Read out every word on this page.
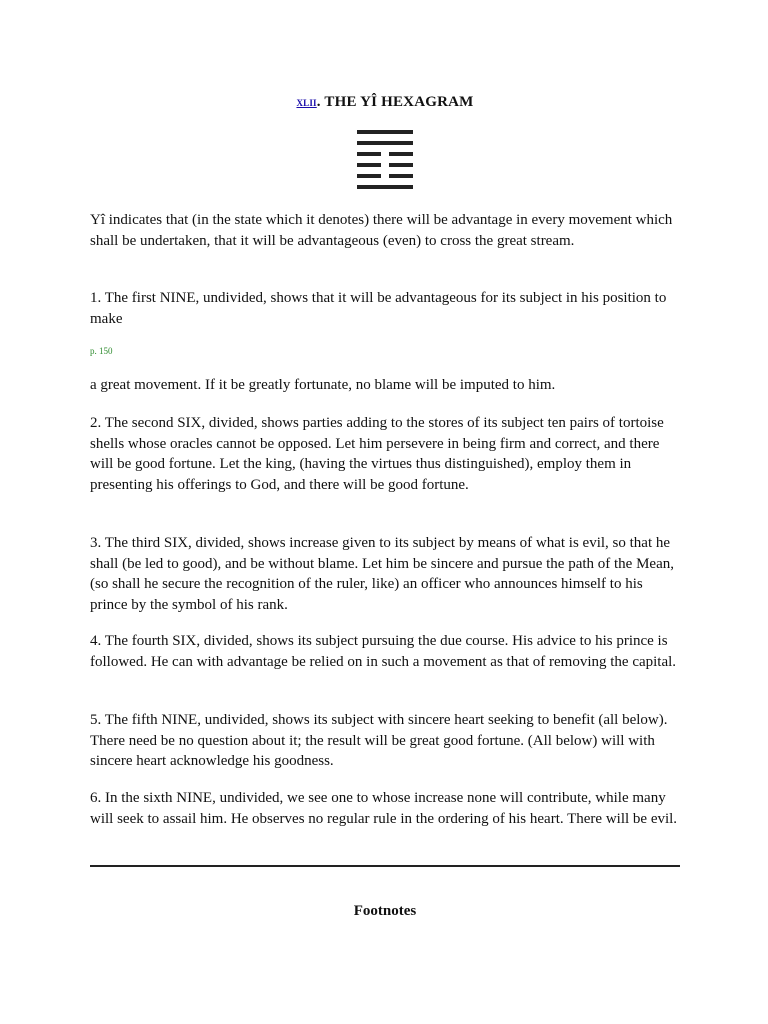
XLII. THE YÎ HEXAGRAM
Yî indicates that (in the state which it denotes) there will be advantage in every movement which shall be undertaken, that it will be advantageous (even) to cross the great stream.
1. The first NINE, undivided, shows that it will be advantageous for its subject in his position to make
p. 150
a great movement. If it be greatly fortunate, no blame will be imputed to him.
2. The second SIX, divided, shows parties adding to the stores of its subject ten pairs of tortoise shells whose oracles cannot be opposed. Let him persevere in being firm and correct, and there will be good fortune. Let the king, (having the virtues thus distinguished), employ them in presenting his offerings to God, and there will be good fortune.
3. The third SIX, divided, shows increase given to its subject by means of what is evil, so that he shall (be led to good), and be without blame. Let him be sincere and pursue the path of the Mean, (so shall he secure the recognition of the ruler, like) an officer who announces himself to his prince by the symbol of his rank.
4. The fourth SIX, divided, shows its subject pursuing the due course. His advice to his prince is followed. He can with advantage be relied on in such a movement as that of removing the capital.
5. The fifth NINE, undivided, shows its subject with sincere heart seeking to benefit (all below). There need be no question about it; the result will be great good fortune. (All below) will with sincere heart acknowledge his goodness.
6. In the sixth NINE, undivided, we see one to whose increase none will contribute, while many will seek to assail him. He observes no regular rule in the ordering of his heart. There will be evil.
Footnotes
